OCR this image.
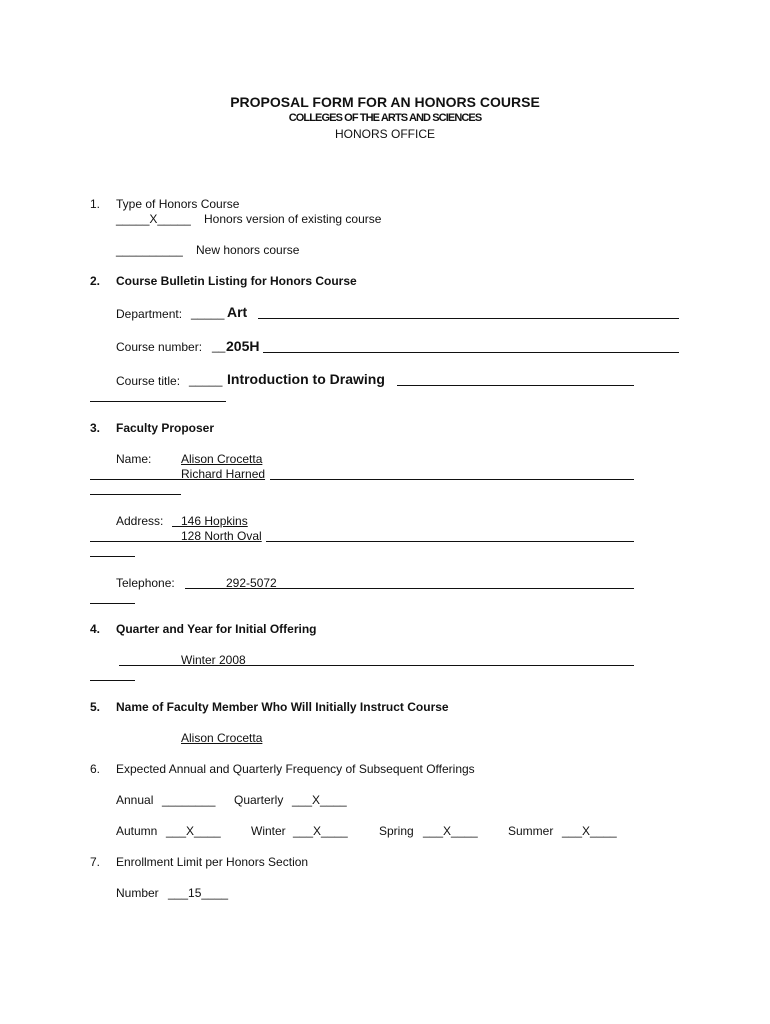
PROPOSAL FORM FOR AN HONORS COURSE
COLLEGES OF THE ARTS AND SCIENCES
HONORS OFFICE
1. Type of Honors Course
_____X_____ Honors version of existing course
__________ New honors course
2. Course Bulletin Listing for Honors Course
Department: _____ Art
Course number: __ 205H
Course title: _____ Introduction to Drawing
3. Faculty Proposer
Name: Alison Crocetta
Richard Harned
Address: 146 Hopkins
128 North Oval
Telephone:	292-5072
4. Quarter and Year for Initial Offering
Winter 2008
5. Name of Faculty Member Who Will Initially Instruct Course
Alison Crocetta
6. Expected Annual and Quarterly Frequency of Subsequent Offerings
Annual ________ Quarterly ___X____
Autumn ___X____	Winter ___X____	Spring ___X____	Summer ___X____
7. Enrollment Limit per Honors Section
Number ___15____
